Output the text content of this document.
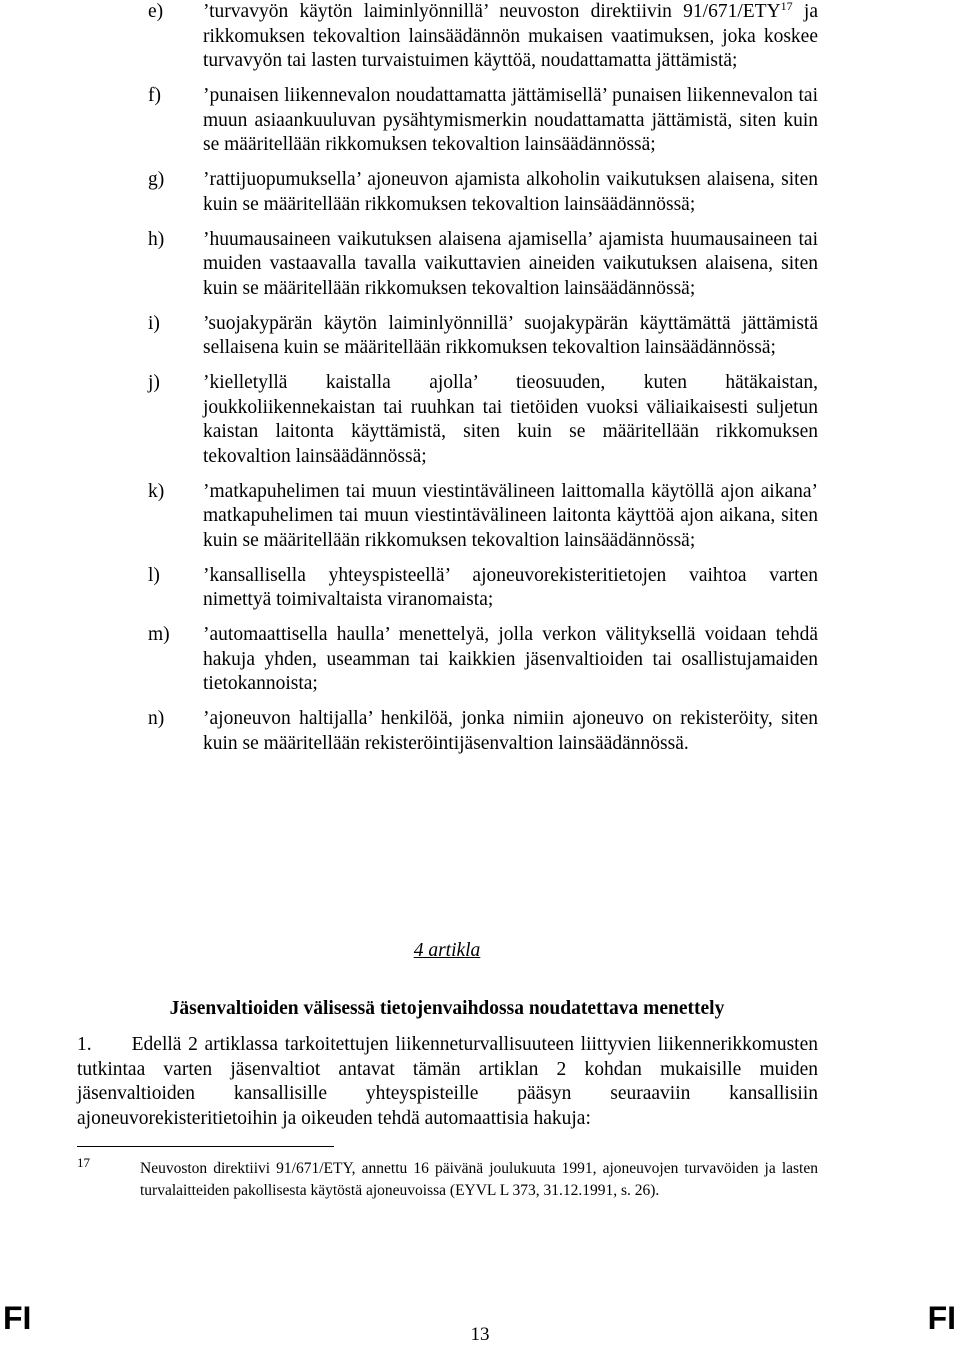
e)	’turvavyön käytön laiminlyönnillä’ neuvoston direktiivin 91/671/ETY$^{17}$ ja rikkomuksen tekovaltion lainsäädännön mukaisen vaatimuksen, joka koskee turvavyön tai lasten turvaistuimen käyttöä, noudattamatta jättämistä;
f)	’punaisen liikennevalon noudattamatta jättämisellä’ punaisen liikennevalon tai muun asiaankuuluvan pysähtymismerkin noudattamatta jättämistä, siten kuin se määritellään rikkomuksen tekovaltion lainsäädännössä;
g)	’rattijuopumuksella’ ajoneuvon ajamista alkoholin vaikutuksen alaisena, siten kuin se määritellään rikkomuksen tekovaltion lainsäädännössä;
h)	’huumausaineen vaikutuksen alaisena ajamisella’ ajamista huumausaineen tai muiden vastaavalla tavalla vaikuttavien aineiden vaikutuksen alaisena, siten kuin se määritellään rikkomuksen tekovaltion lainsäädännössä;
i)	’suojakypärän käytön laiminlyönnillä’ suojakypärän käyttämättä jättämistä sellaisena kuin se määritellään rikkomuksen tekovaltion lainsäädännössä;
j)	’kielletyllä kaistalla ajolla’ tieosuuden, kuten hätäkaistan, joukkoliikennekaistan tai ruuhkan tai tietöiden vuoksi väliaikaisesti suljetun kaistan laitonta käyttämistä, siten kuin se määritellään rikkomuksen tekovaltion lainsäädännössä;
k)	’matkapuhelimen tai muun viestintävälineen laittomalla käytöllä ajon aikana’ matkapuhelimen tai muun viestintävälineen laitonta käyttöä ajon aikana, siten kuin se määritellään rikkomuksen tekovaltion lainsäädännössä;
l)	’kansallisella yhteyspisteellä’ ajoneuvorekisteritietojen vaihtoa varten nimettyä toimivaltaista viranomaista;
m)	’automaattisella haulla’ menettelyä, jolla verkon välityksellä voidaan tehdä hakuja yhden, useamman tai kaikkien jäsenvaltioiden tai osallistujamaiden tietokannoista;
n)	’ajoneuvon haltijalla’ henkilöä, jonka nimiin ajoneuvo on rekisteröity, siten kuin se määritellään rekisteröintijäsenvaltion lainsäädännössä.
4 artikla
Jäsenvaltioiden välisessä tietojenvaihdossa noudatettava menettely
1. Edellä 2 artiklassa tarkoitettujen liikenneturvallisuuteen liittyvien liikennerikkomusten tutkintaa varten jäsenvaltiot antavat tämän artiklan 2 kohdan mukaisille muiden jäsenvaltioiden kansallisille yhteyspisteille pääsyn seuraaviin kansallisiin ajoneuvorekisteritietoihin ja oikeuden tehdä automaattisia hakuja:
17	Neuvoston direktiivi 91/671/ETY, annettu 16 päivänä joulukuuta 1991, ajoneuvojen turvavöiden ja lasten turvalaitteiden pakollisesta käytöstä ajoneuvoissa (EYVL L 373, 31.12.1991, s. 26).
FI	13	FI
